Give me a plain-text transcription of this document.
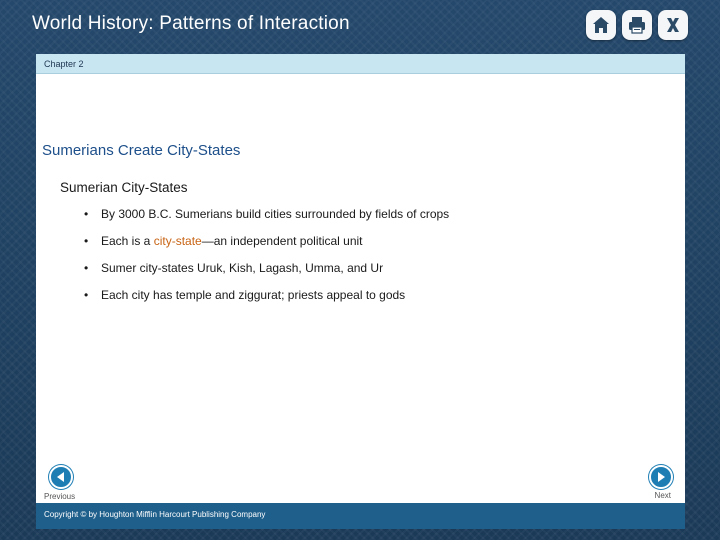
World History: Patterns of Interaction
Chapter 2
Sumerians Create City-States
Sumerian City-States
• By 3000 B.C. Sumerians build cities surrounded by fields of crops
• Each is a city-state—an independent political unit
• Sumer city-states Uruk, Kish, Lagash, Umma, and Ur
• Each city has temple and ziggurat; priests appeal to gods
Previous	Next
Copyright © by Houghton Mifflin Harcourt Publishing Company
